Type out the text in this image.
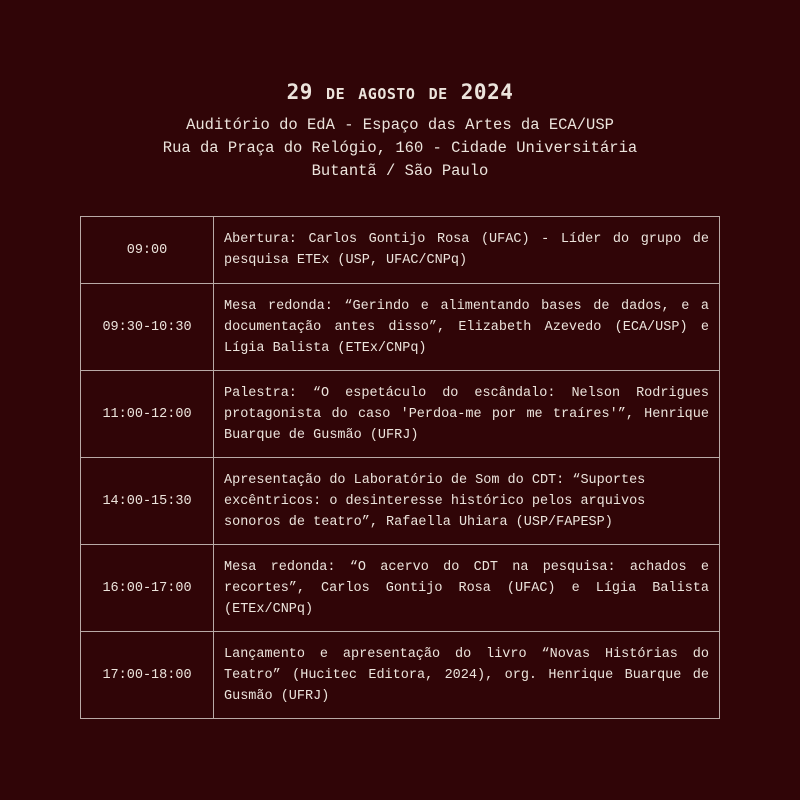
29 de agosto de 2024
Auditório do EdA - Espaço das Artes da ECA/USP
Rua da Praça do Relógio, 160 - Cidade Universitária
Butantã / São Paulo
09:00	Abertura: Carlos Gontijo Rosa (UFAC) - Líder do grupo de pesquisa ETEx (USP, UFAC/CNPq)
09:30-10:30	Mesa redonda: “Gerindo e alimentando bases de dados, e a documentação antes disso”, Elizabeth Azevedo (ECA/USP) e Lígia Balista (ETEx/CNPq)
11:00-12:00	Palestra: “O espetáculo do escândalo: Nelson Rodrigues protagonista do caso 'Perdoa-me por me traíres'”, Henrique Buarque de Gusmão (UFRJ)
14:00-15:30	Apresentação do Laboratório de Som do CDT: “Suportes excêntricos: o desinteresse histórico pelos arquivos sonoros de teatro”, Rafaella Uhiara (USP/FAPESP)
16:00-17:00	Mesa redonda: “O acervo do CDT na pesquisa: achados e recortes”, Carlos Gontijo Rosa (UFAC) e Lígia Balista (ETEx/CNPq)
17:00-18:00	Lançamento e apresentação do livro “Novas Histórias do Teatro” (Hucitec Editora, 2024), org. Henrique Buarque de Gusmão (UFRJ)
